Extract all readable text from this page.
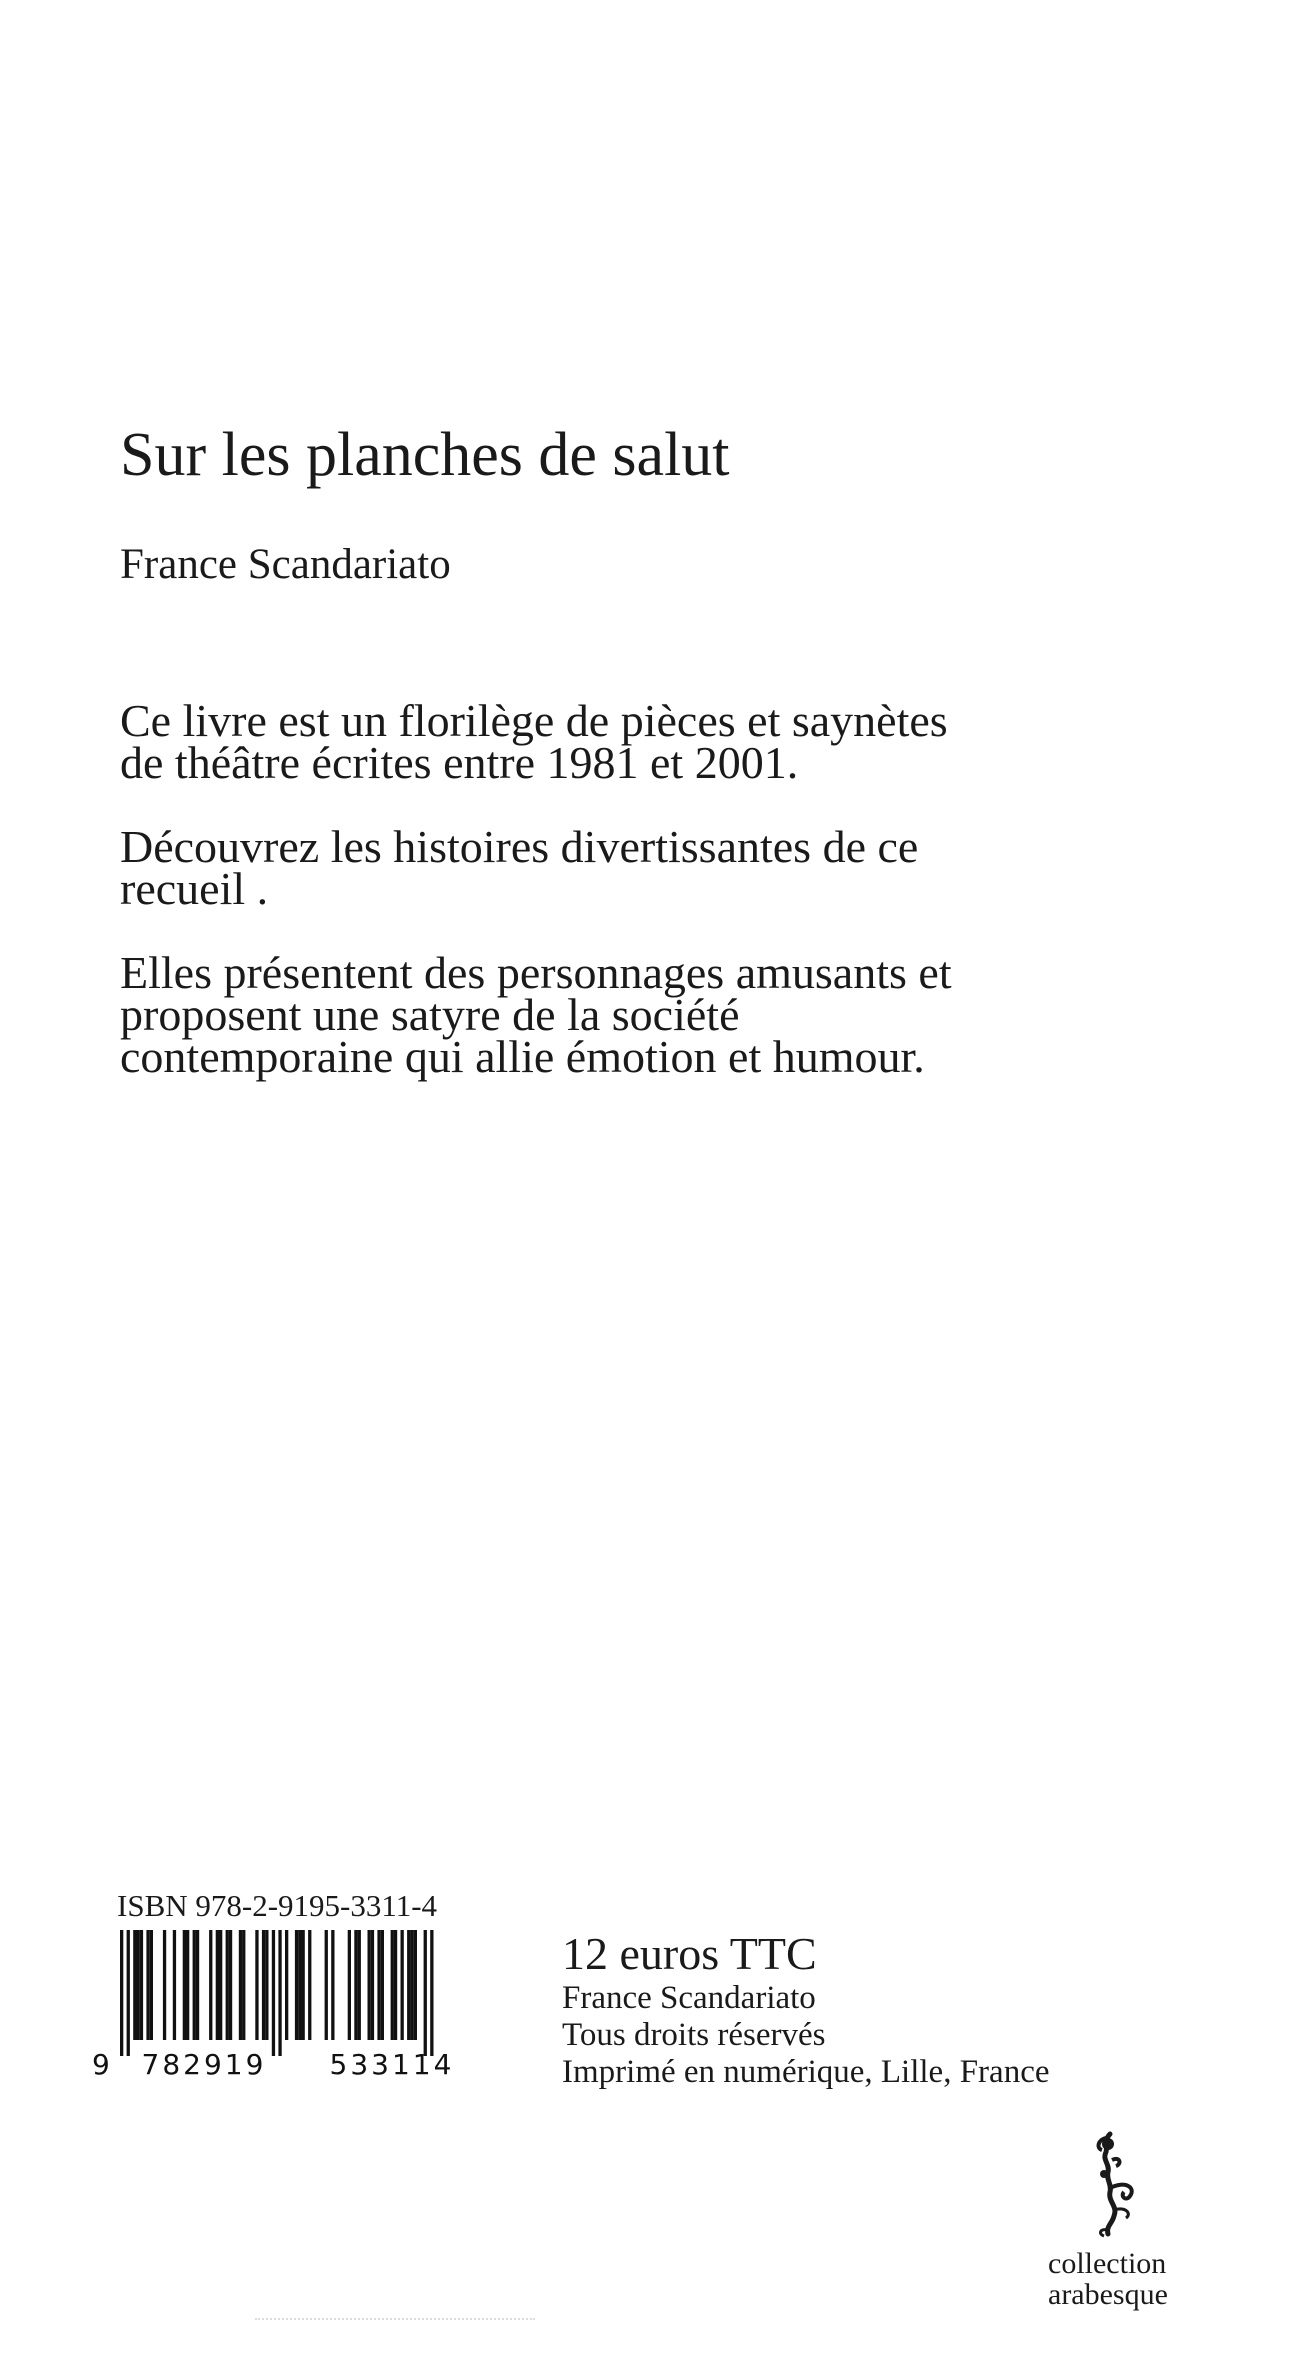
Sur les planches de salut
France Scandariato

Ce livre est un florilège de pièces et saynètes de théâtre écrites entre 1981 et 2001.

Découvrez les histoires divertissantes de ce recueil .

Elles présentent des personnages amusants et proposent une satyre de la société contemporaine qui allie émotion et humour.

ISBN 978-2-9195-3311-4
9 782919 533114
12 euros TTC
France Scandariato
Tous droits réservés
Imprimé en numérique, Lille, France
collection
arabesque
